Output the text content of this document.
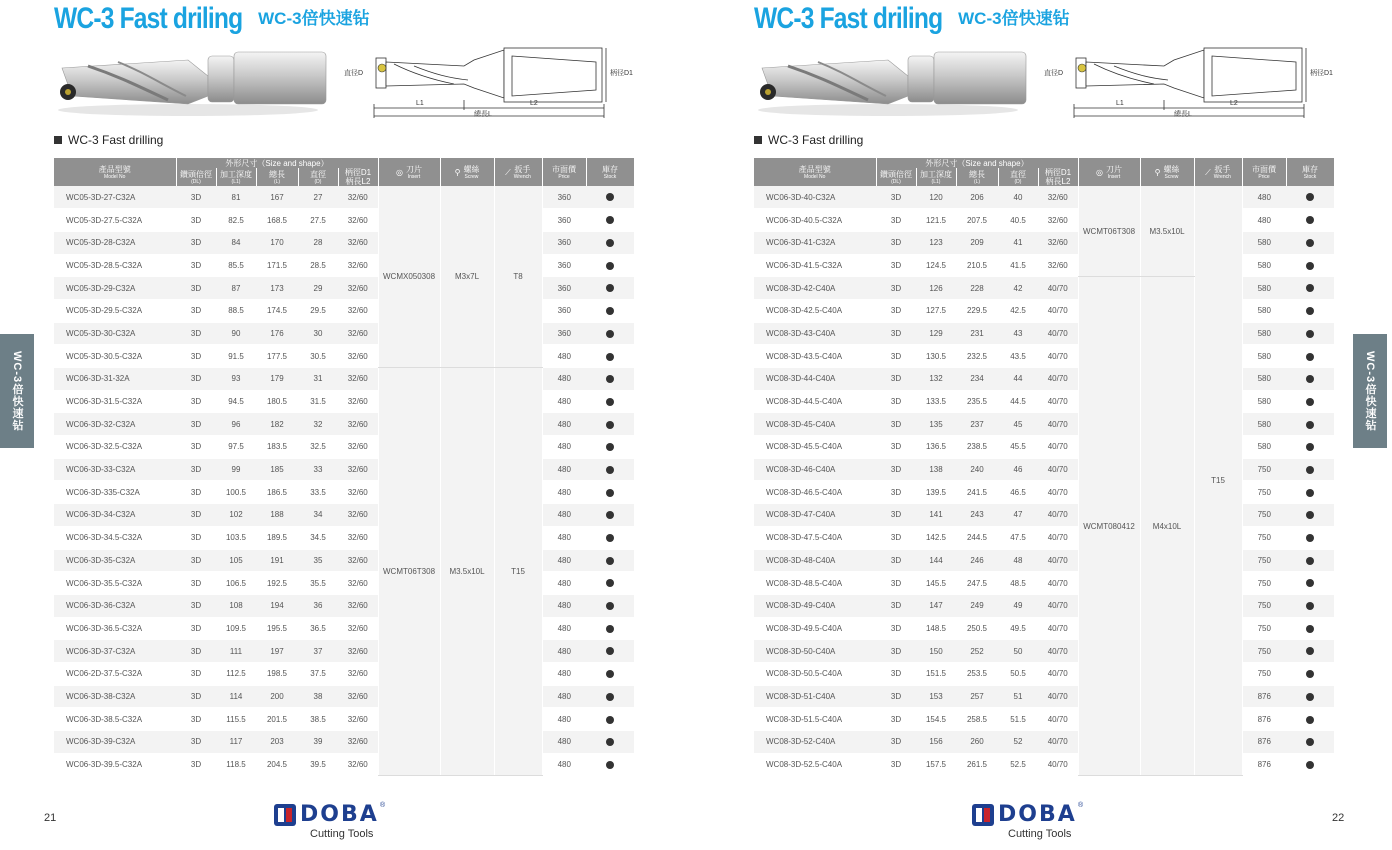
WC-3 Fast driling WC-3倍快速钻
直径D	柄径D1
L1	L2
總長L
WC-3 Fast drilling
產品型號
Model No	外形尺寸（Size and shape）					◎ 刀片
Insert	⚲ 螺絲
Screw	⟋ 扳手
Wrench	市面價
Price	庫存
Stock

	鑽頭倍徑
(DL)	加工深度
(L1)	總長
(L)	直徑
(D)	柄徑D1
柄長L2					

WC05-3D-27-C32A	3D	81	167	27	32/60	WCMX050308	M3x7L	T8	360	
WC05-3D-27.5-C32A	3D	82.5	168.5	27.5	32/60				360	
WC05-3D-28-C32A	3D	84	170	28	32/60				360	
WC05-3D-28.5-C32A	3D	85.5	171.5	28.5	32/60				360	
WC05-3D-29-C32A	3D	87	173	29	32/60				360	
WC05-3D-29.5-C32A	3D	88.5	174.5	29.5	32/60				360	
WC05-3D-30-C32A	3D	90	176	30	32/60				360	
WC05-3D-30.5-C32A	3D	91.5	177.5	30.5	32/60				480	
WC06-3D-31-32A	3D	93	179	31	32/60	WCMT06T308	M3.5x10L	T15	480	
WC06-3D-31.5-C32A	3D	94.5	180.5	31.5	32/60				480	
WC06-3D-32-C32A	3D	96	182	32	32/60				480	
WC06-3D-32.5-C32A	3D	97.5	183.5	32.5	32/60				480	
WC06-3D-33-C32A	3D	99	185	33	32/60				480	
WC06-3D-335-C32A	3D	100.5	186.5	33.5	32/60				480	
WC06-3D-34-C32A	3D	102	188	34	32/60				480	
WC06-3D-34.5-C32A	3D	103.5	189.5	34.5	32/60				480	
WC06-3D-35-C32A	3D	105	191	35	32/60				480	
WC06-3D-35.5-C32A	3D	106.5	192.5	35.5	32/60				480	
WC06-3D-36-C32A	3D	108	194	36	32/60				480	
WC06-3D-36.5-C32A	3D	109.5	195.5	36.5	32/60				480	
WC06-3D-37-C32A	3D	111	197	37	32/60				480	
WC06-2D-37.5-C32A	3D	112.5	198.5	37.5	32/60				480	
WC06-3D-38-C32A	3D	114	200	38	32/60				480	
WC06-3D-38.5-C32A	3D	115.5	201.5	38.5	32/60				480	
WC06-3D-39-C32A	3D	117	203	39	32/60				480	
WC06-3D-39.5-C32A	3D	118.5	204.5	39.5	32/60				480	
WC-3倍快速钻
21	DOBA ®
Cutting Tools
WC-3 Fast driling WC-3倍快速钻
直径D	柄径D1
L1	L2
總長L
WC-3 Fast drilling
產品型號
Model No	外形尺寸（Size and shape）					◎ 刀片
Insert	⚲ 螺絲
Screw	⟋ 扳手
Wrench	市面價
Price	庫存
Stock

	鑽頭倍徑
(DL)	加工深度
(L1)	總長
(L)	直徑
(D)	柄徑D1
柄長L2					

WC06-3D-40-C32A	3D	120	206	40	32/60	WCMT06T308	M3.5x10L	T15	480	
WC06-3D-40.5-C32A	3D	121.5	207.5	40.5	32/60				480	
WC06-3D-41-C32A	3D	123	209	41	32/60				580	
WC06-3D-41.5-C32A	3D	124.5	210.5	41.5	32/60				580	
WC08-3D-42-C40A	3D	126	228	42	40/70	WCMT080412	M4x10L		580	
WC08-3D-42.5-C40A	3D	127.5	229.5	42.5	40/70				580	
WC08-3D-43-C40A	3D	129	231	43	40/70				580	
WC08-3D-43.5-C40A	3D	130.5	232.5	43.5	40/70				580	
WC08-3D-44-C40A	3D	132	234	44	40/70				580	
WC08-3D-44.5-C40A	3D	133.5	235.5	44.5	40/70				580	
WC08-3D-45-C40A	3D	135	237	45	40/70				580	
WC08-3D-45.5-C40A	3D	136.5	238.5	45.5	40/70				580	
WC08-3D-46-C40A	3D	138	240	46	40/70				750	
WC08-3D-46.5-C40A	3D	139.5	241.5	46.5	40/70				750	
WC08-3D-47-C40A	3D	141	243	47	40/70				750	
WC08-3D-47.5-C40A	3D	142.5	244.5	47.5	40/70				750	
WC08-3D-48-C40A	3D	144	246	48	40/70				750	
WC08-3D-48.5-C40A	3D	145.5	247.5	48.5	40/70				750	
WC08-3D-49-C40A	3D	147	249	49	40/70				750	
WC08-3D-49.5-C40A	3D	148.5	250.5	49.5	40/70				750	
WC08-3D-50-C40A	3D	150	252	50	40/70				750	
WC08-3D-50.5-C40A	3D	151.5	253.5	50.5	40/70				750	
WC08-3D-51-C40A	3D	153	257	51	40/70				876	
WC08-3D-51.5-C40A	3D	154.5	258.5	51.5	40/70				876	
WC08-3D-52-C40A	3D	156	260	52	40/70				876	
WC08-3D-52.5-C40A	3D	157.5	261.5	52.5	40/70				876	
WC-3倍快速钻
22
DOBA ®
Cutting Tools
